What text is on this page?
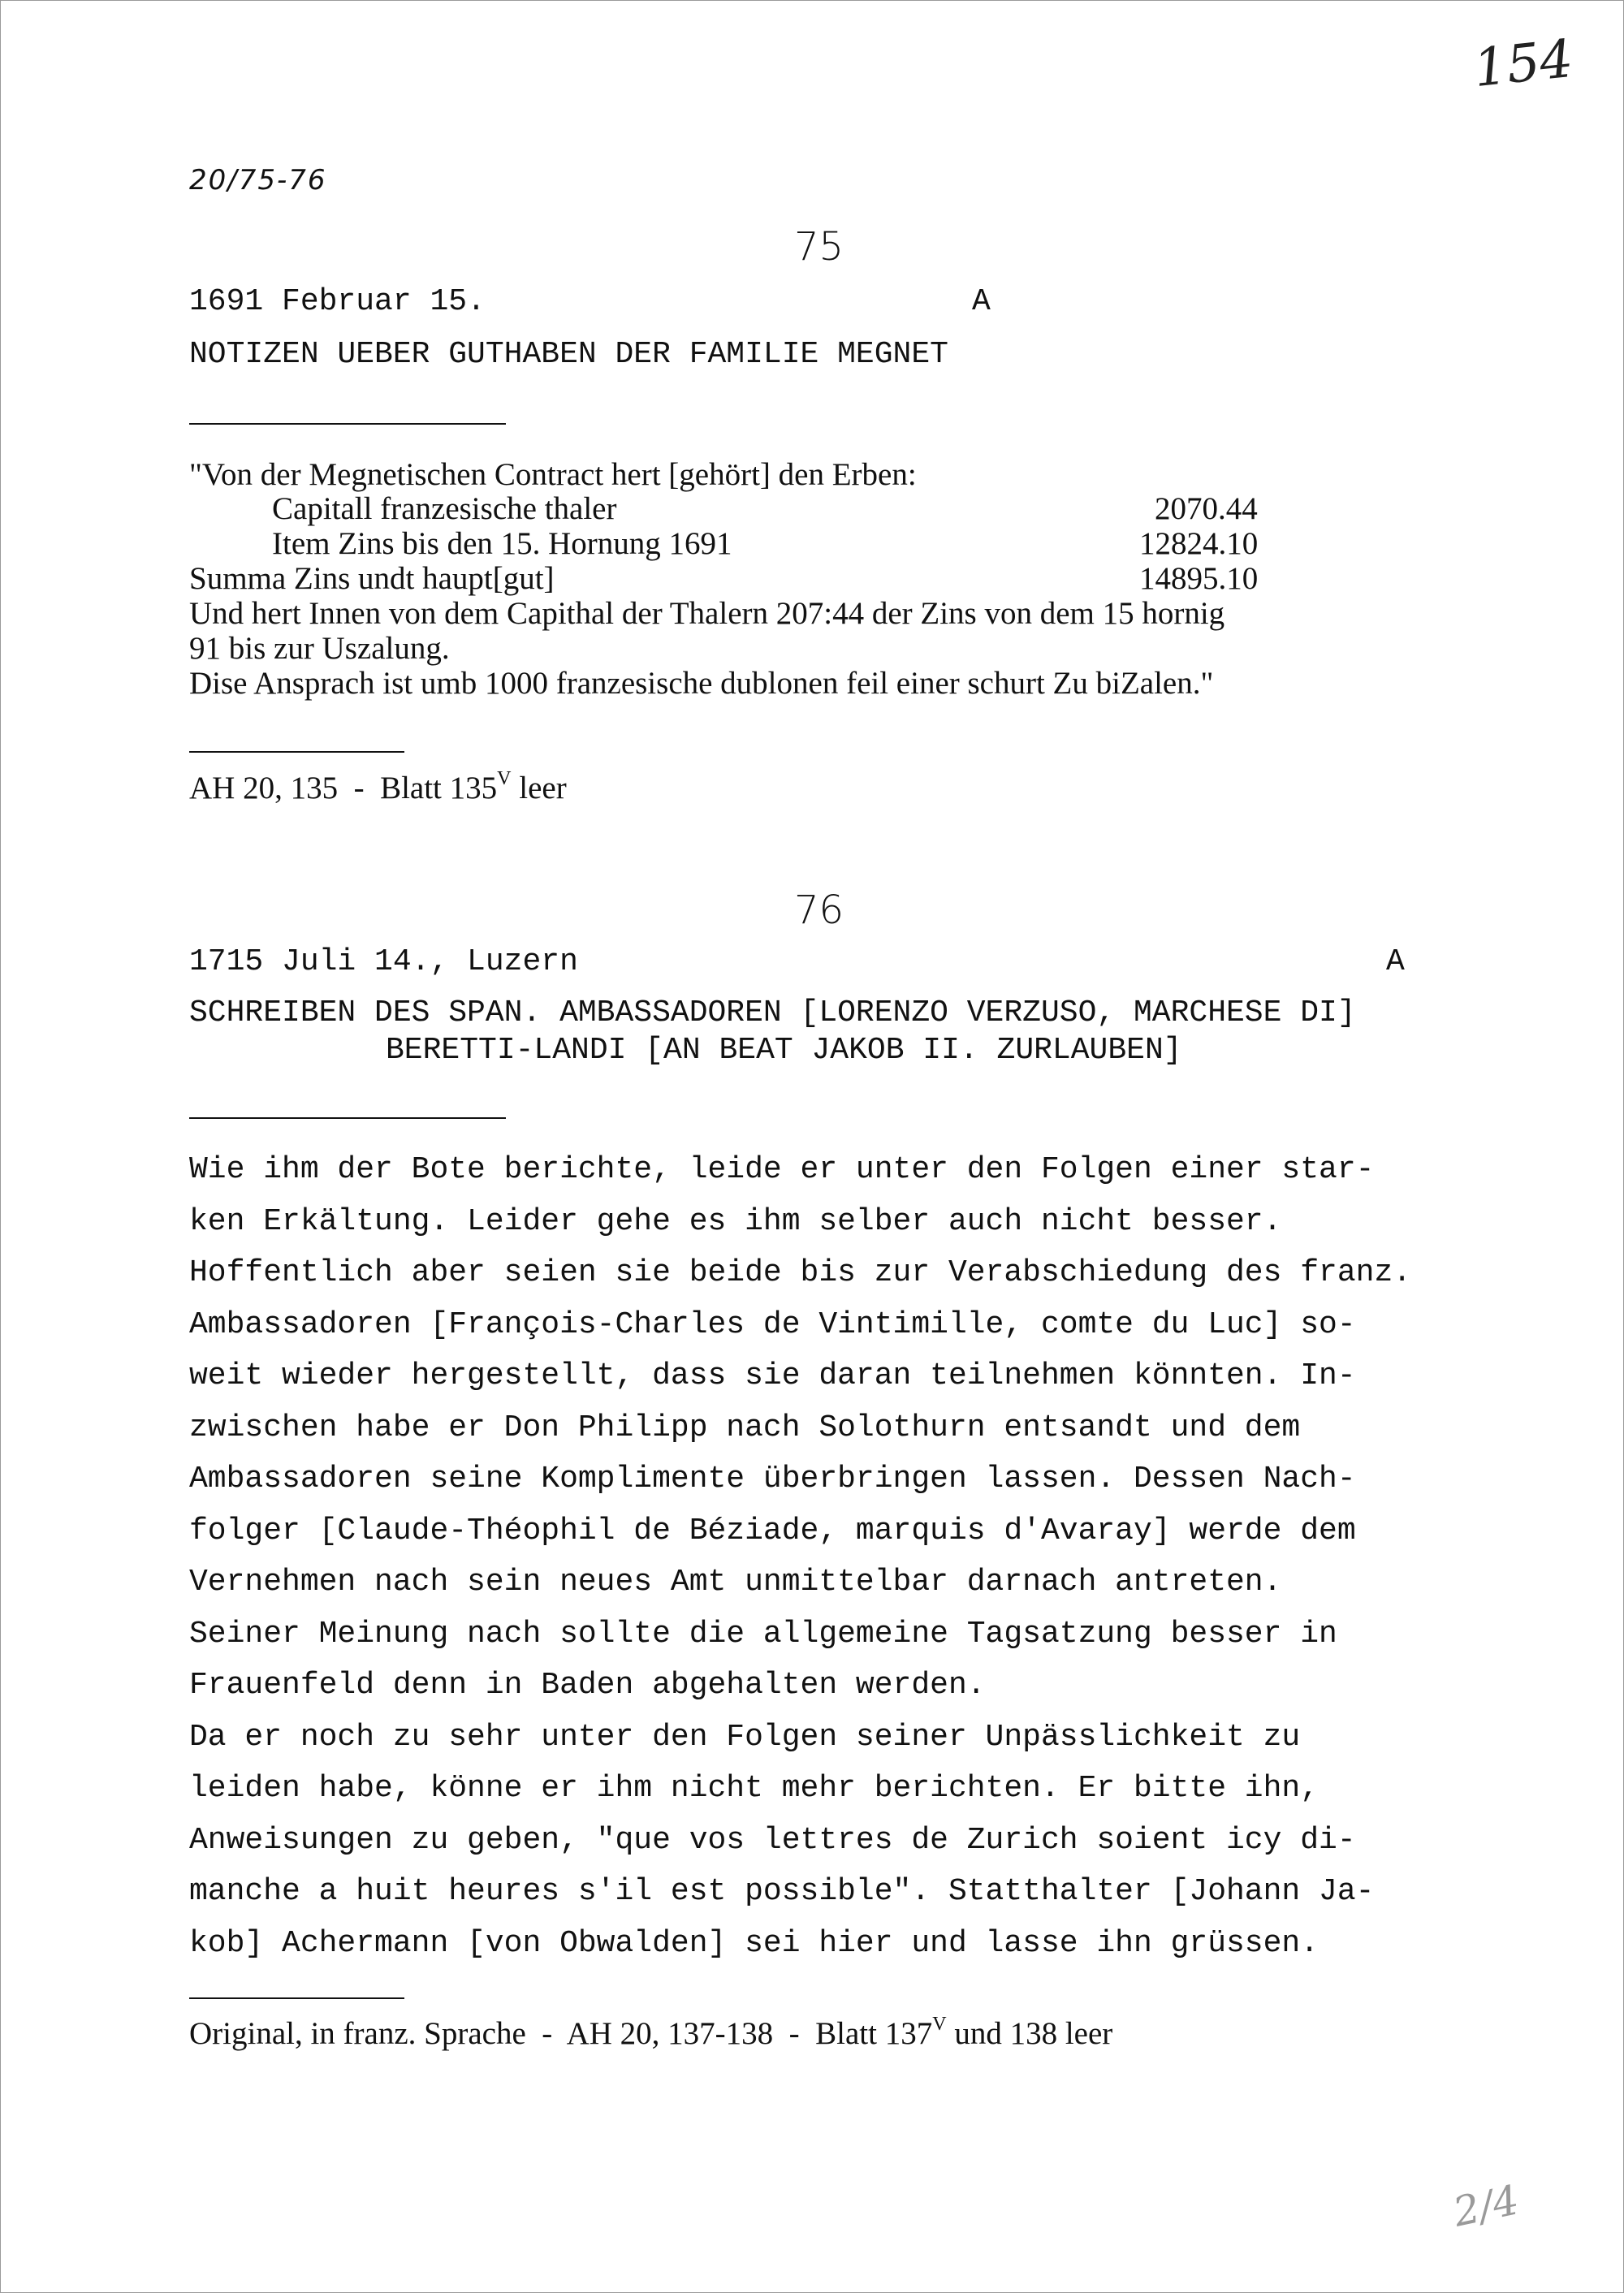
154
20/75-76
75
1691 Februar 15.	A
NOTIZEN UEBER GUTHABEN DER FAMILIE MEGNET
"Von der Megnetischen Contract hert [gehört] den Erben:
Capitall franzesische thaler	2070.44
Item Zins bis den 15. Hornung 1691	12824.10
Summa Zins undt haupt[gut]	14895.10
Und hert Innen von dem Capithal der Thalern 207:44 der Zins von dem 15 hornig
91 bis zur Uszalung.
Dise Ansprach ist umb 1000 franzesische dublonen feil einer schurt Zu biZalen."
AH 20, 135  -  Blatt $135^V$ leer
76
1715 Juli 14., Luzern	A
SCHREIBEN DES SPAN. AMBASSADOREN [LORENZO VERZUSO, MARCHESE DI]
BERETTI-LANDI [AN BEAT JAKOB II. ZURLAUBEN]
Wie ihm der Bote berichte, leide er unter den Folgen einer star-
ken Erkältung. Leider gehe es ihm selber auch nicht besser.
Hoffentlich aber seien sie beide bis zur Verabschiedung des franz.
Ambassadoren [François-Charles de Vintimille, comte du Luc] so-
weit wieder hergestellt, dass sie daran teilnehmen könnten. In-
zwischen habe er Don Philipp nach Solothurn entsandt und dem
Ambassadoren seine Komplimente überbringen lassen. Dessen Nach-
folger [Claude-Théophil de Béziade, marquis d'Avaray] werde dem
Vernehmen nach sein neues Amt unmittelbar darnach antreten.
Seiner Meinung nach sollte die allgemeine Tagsatzung besser in
Frauenfeld denn in Baden abgehalten werden.
Da er noch zu sehr unter den Folgen seiner Unpässlichkeit zu
leiden habe, könne er ihm nicht mehr berichten. Er bitte ihn,
Anweisungen zu geben, "que vos lettres de Zurich soient icy di-
manche a huit heures s'il est possible". Statthalter [Johann Ja-
kob] Achermann [von Obwalden] sei hier und lasse ihn grüssen.
Original, in franz. Sprache  -  AH 20, 137-138  -  Blatt $137^V$ und 138 leer
2/4
